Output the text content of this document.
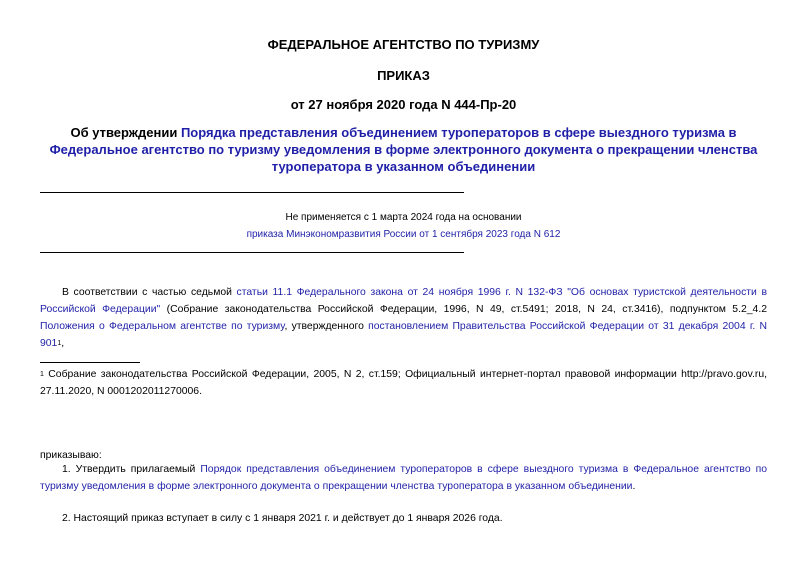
ФЕДЕРАЛЬНОЕ АГЕНТСТВО ПО ТУРИЗМУ
ПРИКАЗ
от 27 ноября 2020 года N 444-Пр-20
Об утверждении Порядка представления объединением туроператоров в сфере выездного туризма в Федеральное агентство по туризму уведомления в форме электронного документа о прекращении членства туроператора в указанном объединении
Не применяется с 1 марта 2024 года на основании
приказа Минэкономразвития России от 1 сентября 2023 года N 612
В соответствии с частью седьмой статьи 11.1 Федерального закона от 24 ноября 1996 г. N 132-ФЗ "Об основах туристской деятельности в Российской Федерации" (Собрание законодательства Российской Федерации, 1996, N 49, ст.5491; 2018, N 24, ст.3416), подпунктом 5.2_4.2 Положения о Федеральном агентстве по туризму, утвержденного постановлением Правительства Российской Федерации от 31 декабря 2004 г. N 901$^1$,
$^1$ Собрание законодательства Российской Федерации, 2005, N 2, ст.159; Официальный интернет-портал правовой информации http://pravo.gov.ru, 27.11.2020, N 0001202011270006.
приказываю:
1. Утвердить прилагаемый Порядок представления объединением туроператоров в сфере выездного туризма в Федеральное агентство по туризму уведомления в форме электронного документа о прекращении членства туроператора в указанном объединении.
2. Настоящий приказ вступает в силу с 1 января 2021 г. и действует до 1 января 2026 года.
